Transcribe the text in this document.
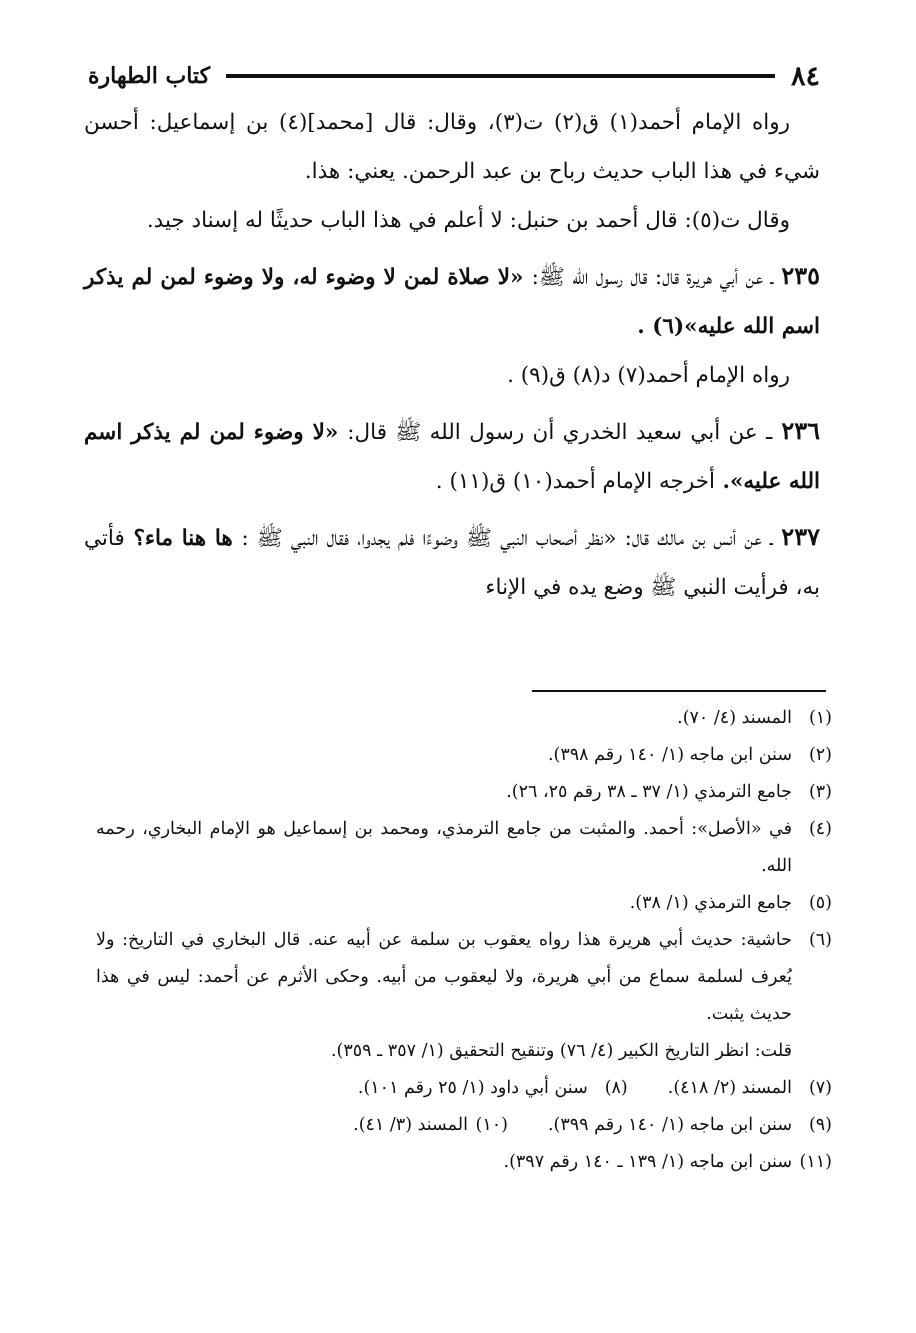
٨٤
كتاب الطهارة

رواه الإمام أحمد(١) ق(٢) ت(٣)، وقال: قال [محمد](٤) بن إسماعيل: أحسن شيء في هذا الباب حديث رباح بن عبد الرحمن. يعني: هذا.

وقال ت(٥): قال أحمد بن حنبل: لا أعلم في هذا الباب حديثًا له إسناد جيد.

٢٣٥ ـ عن أبي هريرة قال: قال رسول الله ﷺ: «لا صلاة لمن لا وضوء له، ولا وضوء لمن لم يذكر اسم الله عليه»(٦) .

رواه الإمام أحمد(٧) د(٨) ق(٩) .

٢٣٦ ـ عن أبي سعيد الخدري أن رسول الله ﷺ قال: «لا وضوء لمن لم يذكر اسم الله عليه». أخرجه الإمام أحمد(١٠) ق(١١) .

٢٣٧ ـ عن أنس بن مالك قال: «نظر أصحاب النبي ﷺ وضوءًا فلم يجدوا، فقال النبي ﷺ : ها هنا ماء؟ فأتي به، فرأيت النبي ﷺ وضع يده في الإناء

(١)
المسند (٤/ ٧٠).

(٢)
سنن ابن ماجه (١/ ١٤٠ رقم ٣٩٨).

(٣)
جامع الترمذي (١/ ٣٧ ـ ٣٨ رقم ٢٥، ٢٦).

(٤)
في «الأصل»: أحمد. والمثبت من جامع الترمذي، ومحمد بن إسماعيل هو الإمام البخاري، رحمه الله.

(٥)
جامع الترمذي (١/ ٣٨).

(٦)
حاشية: حديث أبي هريرة هذا رواه يعقوب بن سلمة عن أبيه عنه. قال البخاري في التاريخ: ولا يُعرف لسلمة سماع من أبي هريرة، ولا ليعقوب من أبيه. وحكى الأثرم عن أحمد: ليس في هذا حديث يثبت.

قلت: انظر التاريخ الكبير (٤/ ٧٦) وتنقيح التحقيق (١/ ٣٥٧ ـ ٣٥٩).

(٧)
المسند (٢/ ٤١٨).

(٨)
سنن أبي داود (١/ ٢٥ رقم ١٠١).

(٩)
سنن ابن ماجه (١/ ١٤٠ رقم ٣٩٩).

(١٠)
المسند (٣/ ٤١).

(١١)
سنن ابن ماجه (١/ ١٣٩ ـ ١٤٠ رقم ٣٩٧).
